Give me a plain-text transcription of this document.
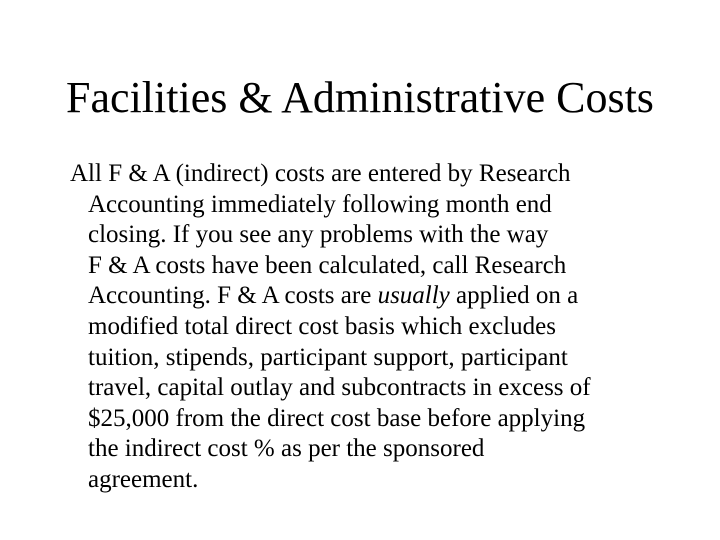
Facilities & Administrative Costs
All F & A (indirect) costs are entered by Research
Accounting immediately following month end
closing. If you see any problems with the way
F & A costs have been calculated, call Research
Accounting. F & A costs are usually applied on a
modified total direct cost basis which excludes
tuition, stipends, participant support, participant
travel, capital outlay and subcontracts in excess of
$25,000 from the direct cost base before applying
the indirect cost % as per the sponsored
agreement.
